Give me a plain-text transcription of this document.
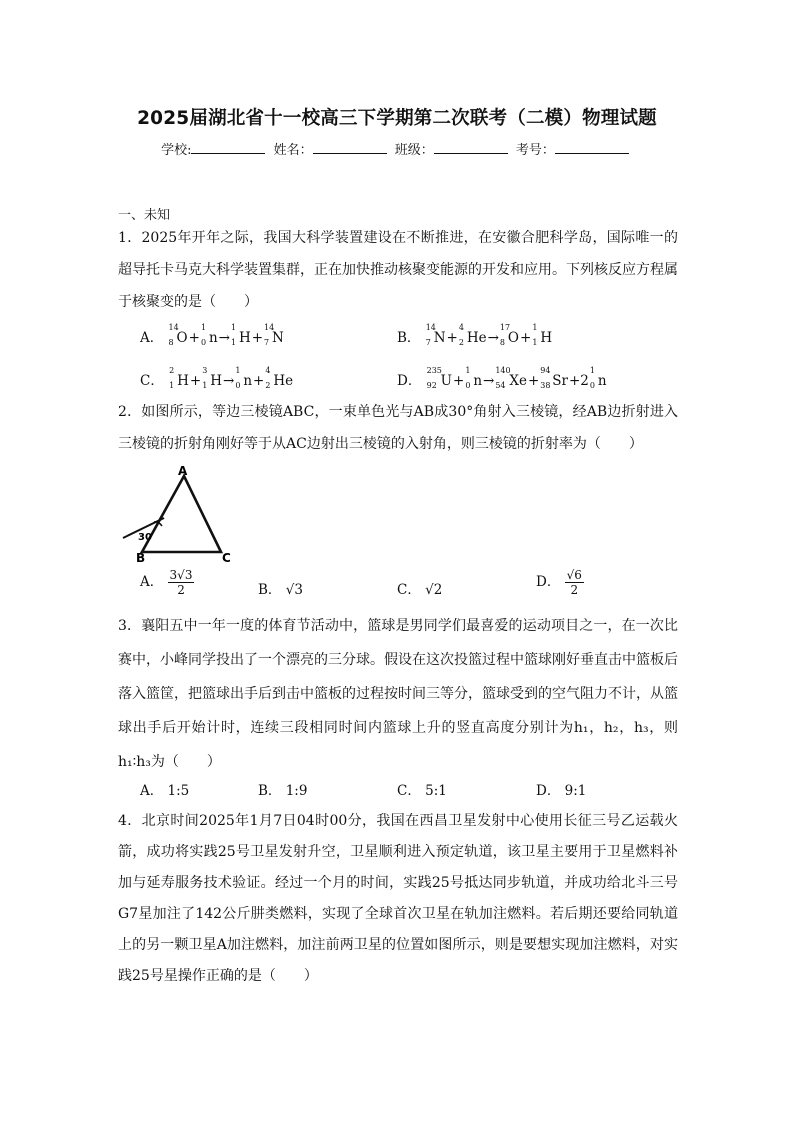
2025届湖北省十一校高三下学期第二次联考（二模）物理试题
学校:	姓名：	班级：	考号：
一、未知

1．2025年开年之际，我国大科学装置建设在不断推进，在安徽合肥科学岛，国际唯一的超导托卡马克大科学装置集群，正在加快推动核聚变能源的开发和应用。下列核反应方程属于核聚变的是（　　）

A．
14
8 O+
1
0 n→
1
1 H+
14
7 N	B．
14
7 N+
4
2 He→
17
8 O+
1
1 H
C．
2
1 H+
3
1 H→
1
0 n+
4
2 He	D．
235
92 U+
1
0 n→
140
54 Xe+
94
38 Sr+2
1
0 n

2．如图所示，等边三棱镜ABC，一束单色光与AB成30°角射入三棱镜，经AB边折射进入三棱镜的折射角刚好等于从AC边射出三棱镜的入射角，则三棱镜的折射率为（　　）

A
B	C
30
A． $\frac{3√3}{2}$	B． √3	C． √2	D． $\frac{√6}{2}$

3．襄阳五中一年一度的体育节活动中，篮球是男同学们最喜爱的运动项目之一，在一次比赛中，小峰同学投出了一个漂亮的三分球。假设在这次投篮过程中篮球刚好垂直击中篮板后落入篮筐，把篮球出手后到击中篮板的过程按时间三等分，篮球受到的空气阻力不计，从篮球出手后开始计时，连续三段相同时间内篮球上升的竖直高度分别计为h₁，h₂，h₃，则h₁∶h₃为（　　）

A． 1:5	B． 1:9	C． 5:1	D． 9:1

4．北京时间2025年1月7日04时00分，我国在西昌卫星发射中心使用长征三号乙运载火箭，成功将实践25号卫星发射升空，卫星顺利进入预定轨道，该卫星主要用于卫星燃料补加与延寿服务技术验证。经过一个月的时间，实践25号抵达同步轨道，并成功给北斗三号G7星加注了142公斤肼类燃料，实现了全球首次卫星在轨加注燃料。若后期还要给同轨道上的另一颗卫星A加注燃料，加注前两卫星的位置如图所示，则是要想实现加注燃料，对实践25号星操作正确的是（　　）
